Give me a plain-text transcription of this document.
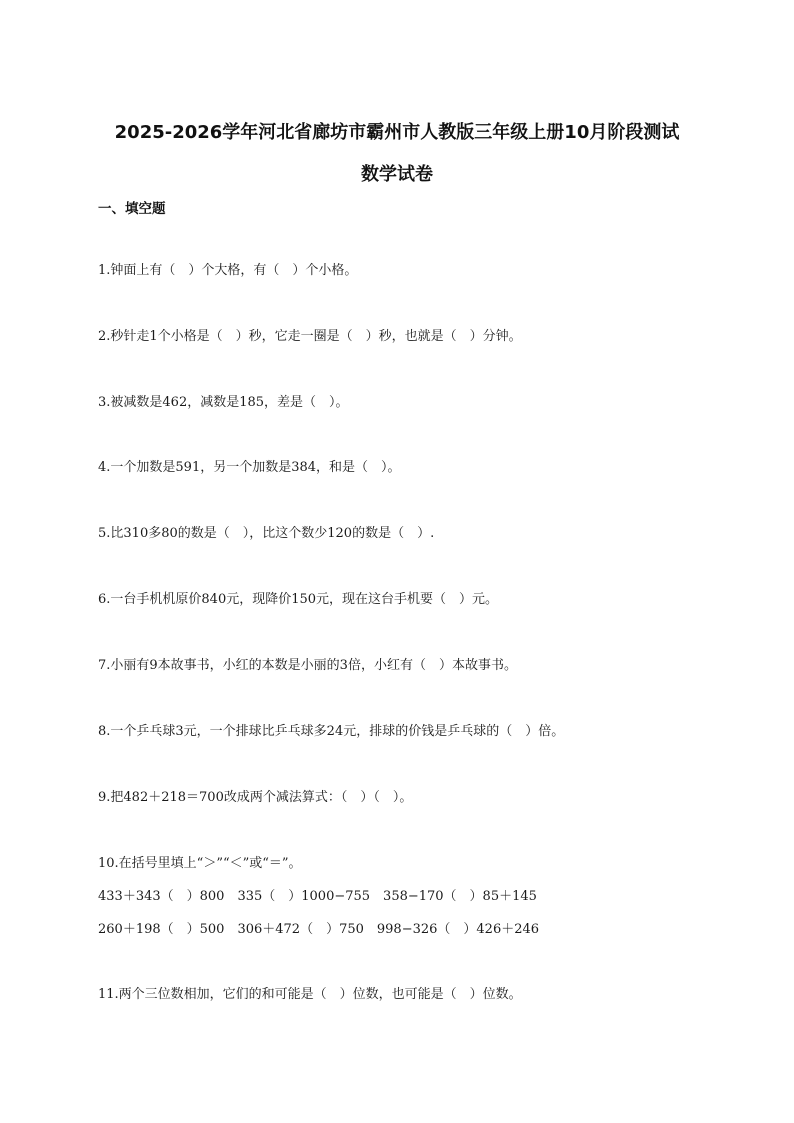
2025-2026学年河北省廊坊市霸州市人教版三年级上册10月阶段测试
数学试卷
一、填空题
1.钟面上有（　）个大格，有（　）个小格。
2.秒针走1个小格是（　）秒，它走一圈是（　）秒，也就是（　）分钟。
3.被减数是462，减数是185，差是（　）。
4.一个加数是591，另一个加数是384，和是（　）。
5.比310多80的数是（　），比这个数少120的数是（　）.
6.一台手机机原价840元，现降价150元，现在这台手机要（　）元。
7.小丽有9本故事书，小红的本数是小丽的3倍，小红有（　）本故事书。
8.一个乒乓球3元，一个排球比乒乓球多24元，排球的价钱是乒乓球的（　）倍。
9.把482＋218＝700改成两个减法算式：（　）（　）。
10.在括号里填上“＞”“＜”或“＝”。
433＋343（　）800　335（　）1000−755　358−170（　）85＋145
260＋198（　）500　306＋472（　）750　998−326（　）426＋246
11.两个三位数相加，它们的和可能是（　）位数，也可能是（　）位数。
